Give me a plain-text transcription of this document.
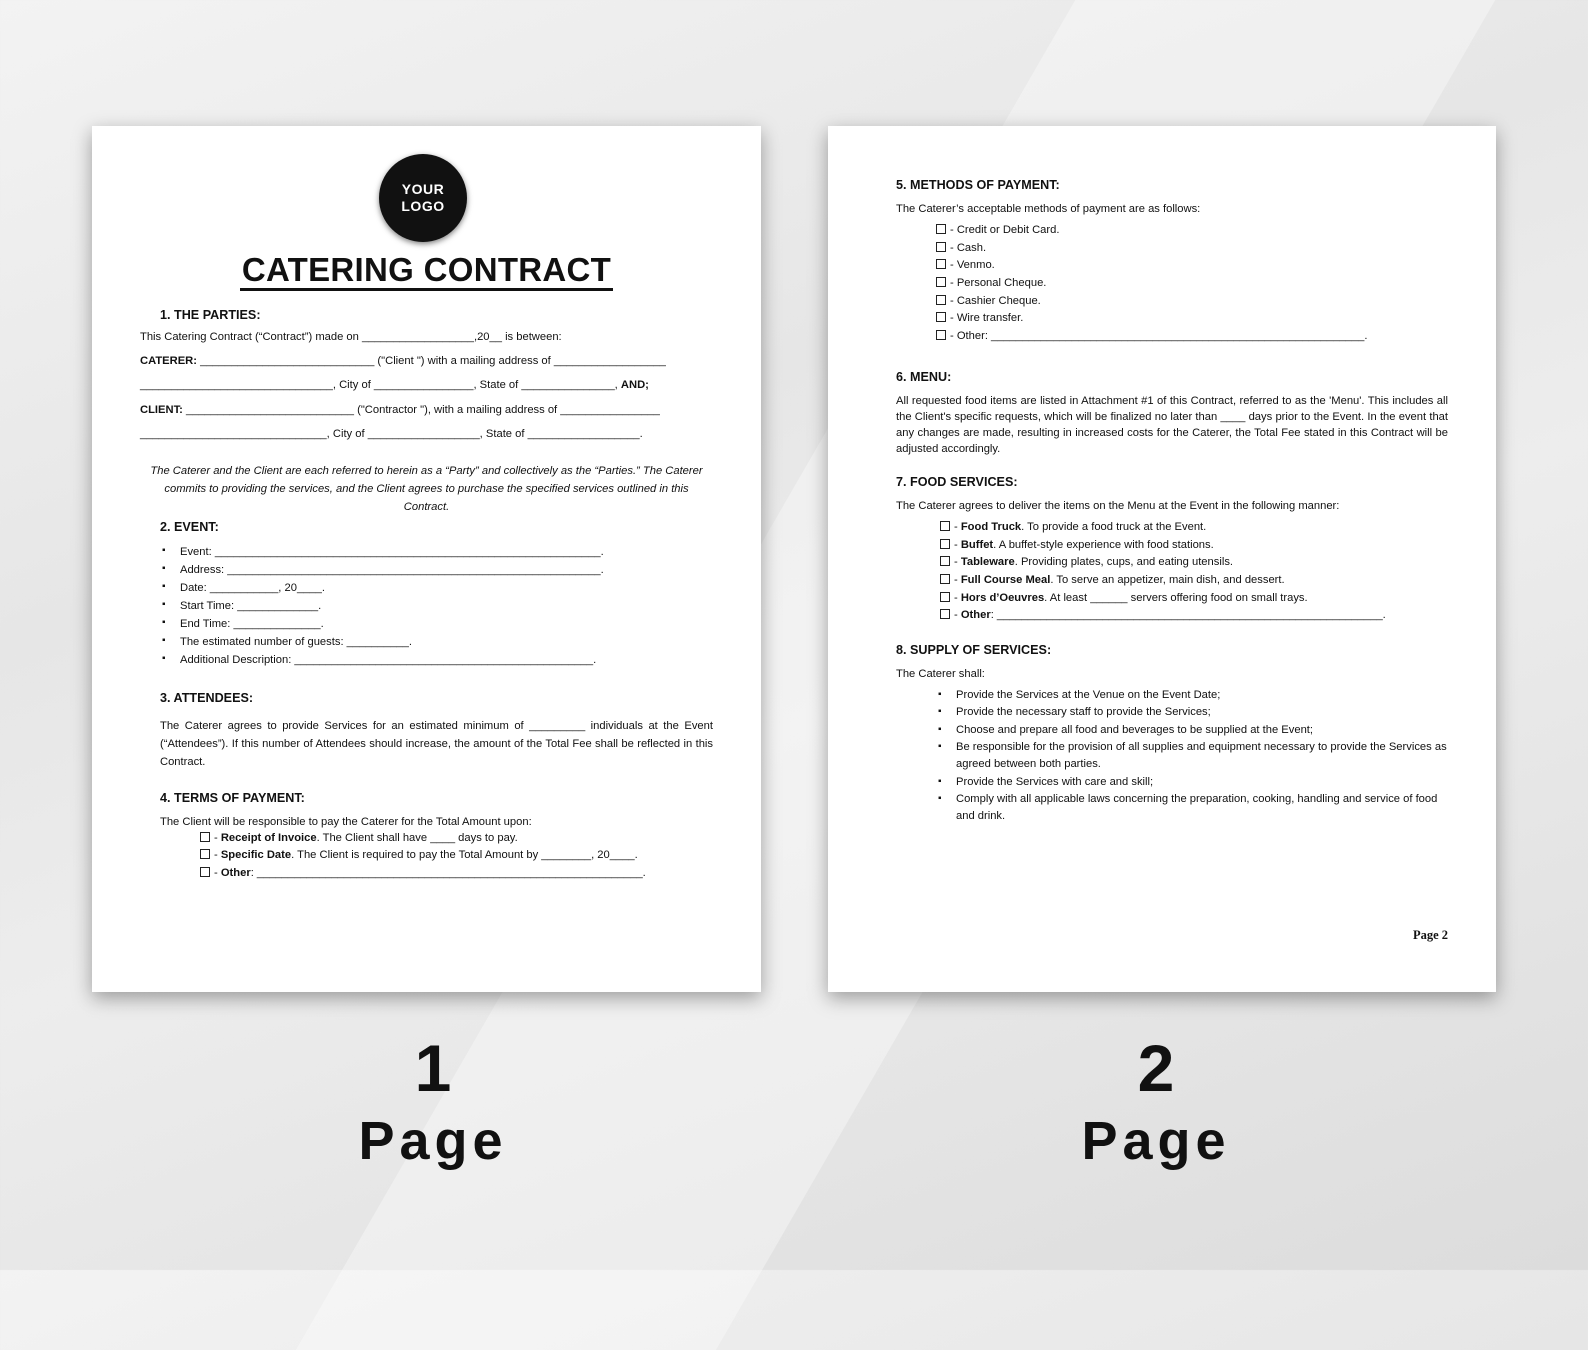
YOUR
LOGO
CATERING CONTRACT

1. THE PARTIES:

This Catering Contract (“Contract”) made on __________________,20__ is between:

CATERER: ____________________________ ("Client ") with a mailing address of __________________

_______________________________, City of ________________, State of _______________, AND;

CLIENT: ___________________________ ("Contractor "), with a mailing address of ________________

______________________________, City of __________________, State of __________________.

The Caterer and the Client are each referred to herein as a “Party” and collectively as the “Parties.” The Caterer commits to providing the services, and the Client agrees to purchase the specified services outlined in this Contract.

2. EVENT:

▪ Event: ______________________________________________________________.
▪ Address: ____________________________________________________________.
▪ Date: ___________, 20____.
▪ Start Time: _____________.
▪ End Time: ______________.
▪ The estimated number of guests: __________.
▪ Additional Description: ________________________________________________.

3. ATTENDEES:

The Caterer agrees to provide Services for an estimated minimum of _________ individuals at the Event (“Attendees”). If this number of Attendees should increase, the amount of the Total Fee shall be reflected in this Contract.

4. TERMS OF PAYMENT:

The Client will be responsible to pay the Caterer for the Total Amount upon:

- Receipt of Invoice. The Client shall have ____ days to pay.
- Specific Date. The Client is required to pay the Total Amount by ________, 20____.
- Other: ______________________________________________________________.

5. METHODS OF PAYMENT:

The Caterer’s acceptable methods of payment are as follows:

- Credit or Debit Card.
- Cash.
- Venmo.
- Personal Cheque.
- Cashier Cheque.
- Wire transfer.
- Other: ____________________________________________________________.

6. MENU:

All requested food items are listed in Attachment #1 of this Contract, referred to as the 'Menu'. This includes all the Client's specific requests, which will be finalized no later than ____ days prior to the Event. In the event that any changes are made, resulting in increased costs for the Caterer, the Total Fee stated in this Contract will be adjusted accordingly.

7. FOOD SERVICES:

The Caterer agrees to deliver the items on the Menu at the Event in the following manner:

- Food Truck. To provide a food truck at the Event.
- Buffet. A buffet-style experience with food stations.
- Tableware. Providing plates, cups, and eating utensils.
- Full Course Meal. To serve an appetizer, main dish, and dessert.
- Hors d’Oeuvres. At least ______ servers offering food on small trays.
- Other: ______________________________________________________________.

8. SUPPLY OF SERVICES:

The Caterer shall:

▪ Provide the Services at the Venue on the Event Date;
▪ Provide the necessary staff to provide the Services;
▪ Choose and prepare all food and beverages to be supplied at the Event;
▪ Be responsible for the provision of all supplies and equipment necessary to provide the Services as agreed between both parties.
▪ Provide the Services with care and skill;
▪ Comply with all applicable laws concerning the preparation, cooking, handling and service of food and drink.
Page 2
1
Page
2
Page
